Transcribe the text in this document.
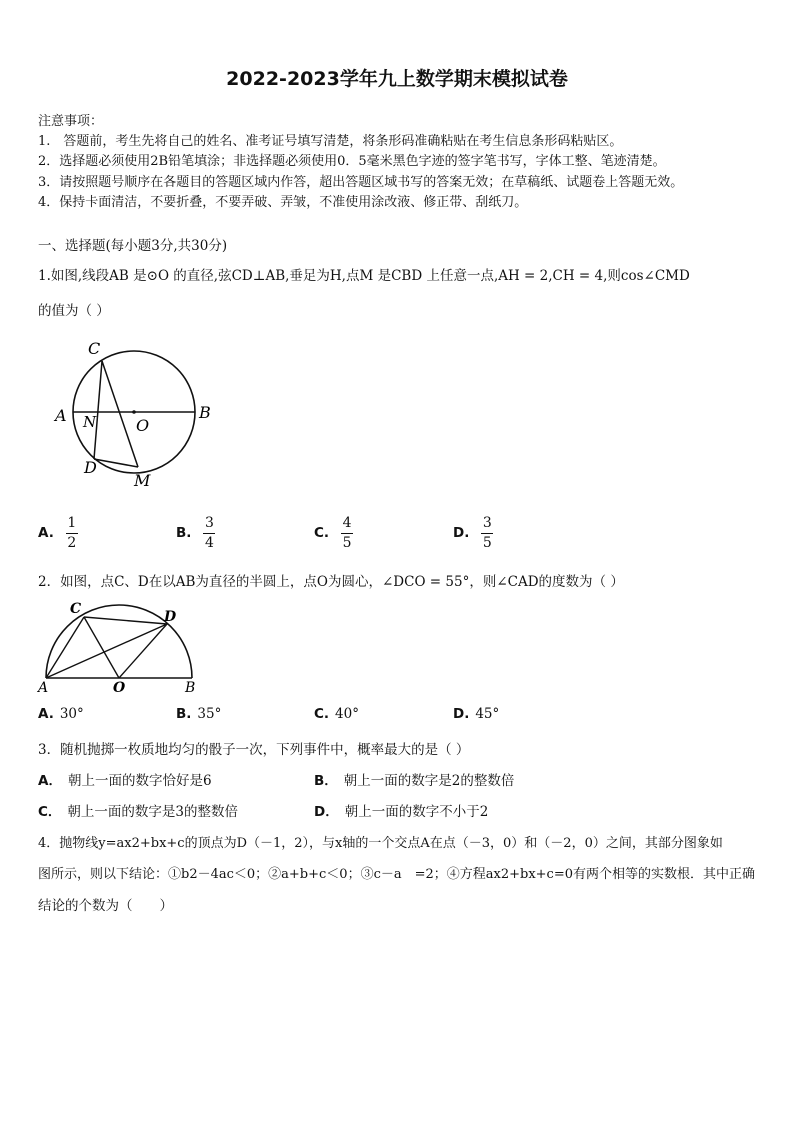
2022-2023学年九上数学期末模拟试卷
注意事项：
1.　答题前，考生先将自己的姓名、准考证号填写清楚，将条形码准确粘贴在考生信息条形码粘贴区。
2．选择题必须使用2B铅笔填涂；非选择题必须使用0．5毫米黑色字迹的签字笔书写，字体工整、笔迹清楚。
3．请按照题号顺序在各题目的答题区域内作答，超出答题区域书写的答案无效；在草稿纸、试题卷上答题无效。
4．保持卡面清洁，不要折叠，不要弄破、弄皱，不准使用涂改液、修正带、刮纸刀。
一、选择题(每小题3分,共30分)
1.如图,线段AB 是⊙O 的直径,弦CD⊥AB,垂足为H,点M 是CBD 上任意一点,AH = 2,CH = 4,则cos∠CMD
的值为（ ）
C
A N O
B
D
M
A. $\frac{1}{2}$	B. $\frac{3}{4}$	C. $\frac{4}{5}$	D. $\frac{3}{5}$
2．如图，点C、D在以AB为直径的半圆上，点O为圆心，∠DCO = 55°，则∠CAD的度数为（ ）
C	D
A	O	B
A. 30°	B. 35°	C. 40°	D. 45°
3．随机抛掷一枚质地均匀的骰子一次，下列事件中，概率最大的是（ ）
A． 朝上一面的数字恰好是6	B． 朝上一面的数字是2的整数倍
C． 朝上一面的数字是3的整数倍	D． 朝上一面的数字不小于2
4．抛物线y=ax2+bx+c的顶点为D（－1，2），与x轴的一个交点A在点（－3，0）和（－2，0）之间，其部分图象如
图所示，则以下结论：①b2－4ac＜0；②a+b+c＜0；③c－a　=2；④方程ax2+bx+c=0有两个相等的实数根．其中正确
结论的个数为（　　）
